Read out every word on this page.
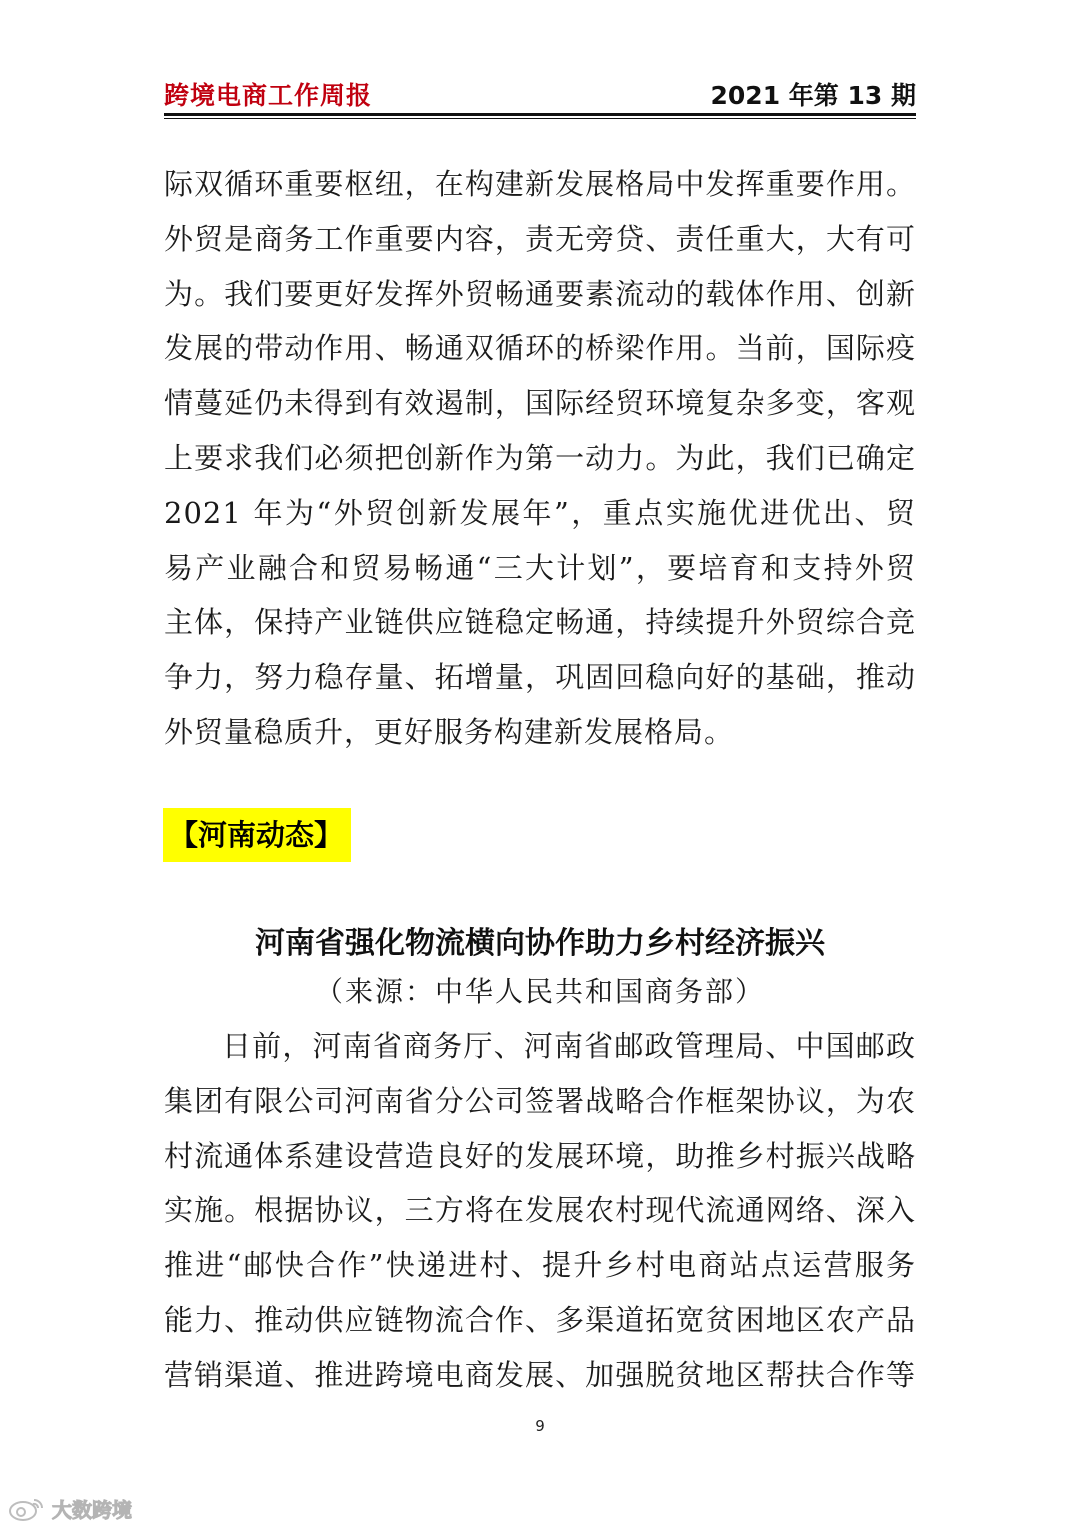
跨境电商工作周报	2021 年第 13 期
际双循环重要枢纽，在构建新发展格局中发挥重要作用。
外贸是商务工作重要内容，责无旁贷、责任重大，大有可
为。我们要更好发挥外贸畅通要素流动的载体作用、创新
发展的带动作用、畅通双循环的桥梁作用。当前，国际疫
情蔓延仍未得到有效遏制，国际经贸环境复杂多变，客观
上要求我们必须把创新作为第一动力。为此，我们已确定
2021 年为“外贸创新发展年”，重点实施优进优出、贸
易产业融合和贸易畅通“三大计划”，要培育和支持外贸
主体，保持产业链供应链稳定畅通，持续提升外贸综合竞
争力，努力稳存量、拓增量，巩固回稳向好的基础，推动
外贸量稳质升，更好服务构建新发展格局。
【河南动态】
河南省强化物流横向协作助力乡村经济振兴

（来源：中华人民共和国商务部）

日前，河南省商务厅、河南省邮政管理局、中国邮政
集团有限公司河南省分公司签署战略合作框架协议，为农
村流通体系建设营造良好的发展环境，助推乡村振兴战略
实施。根据协议，三方将在发展农村现代流通网络、深入
推进“邮快合作”快递进村、提升乡村电商站点运营服务
能力、推动供应链物流合作、多渠道拓宽贫困地区农产品
营销渠道、推进跨境电商发展、加强脱贫地区帮扶合作等
9
大数跨境
